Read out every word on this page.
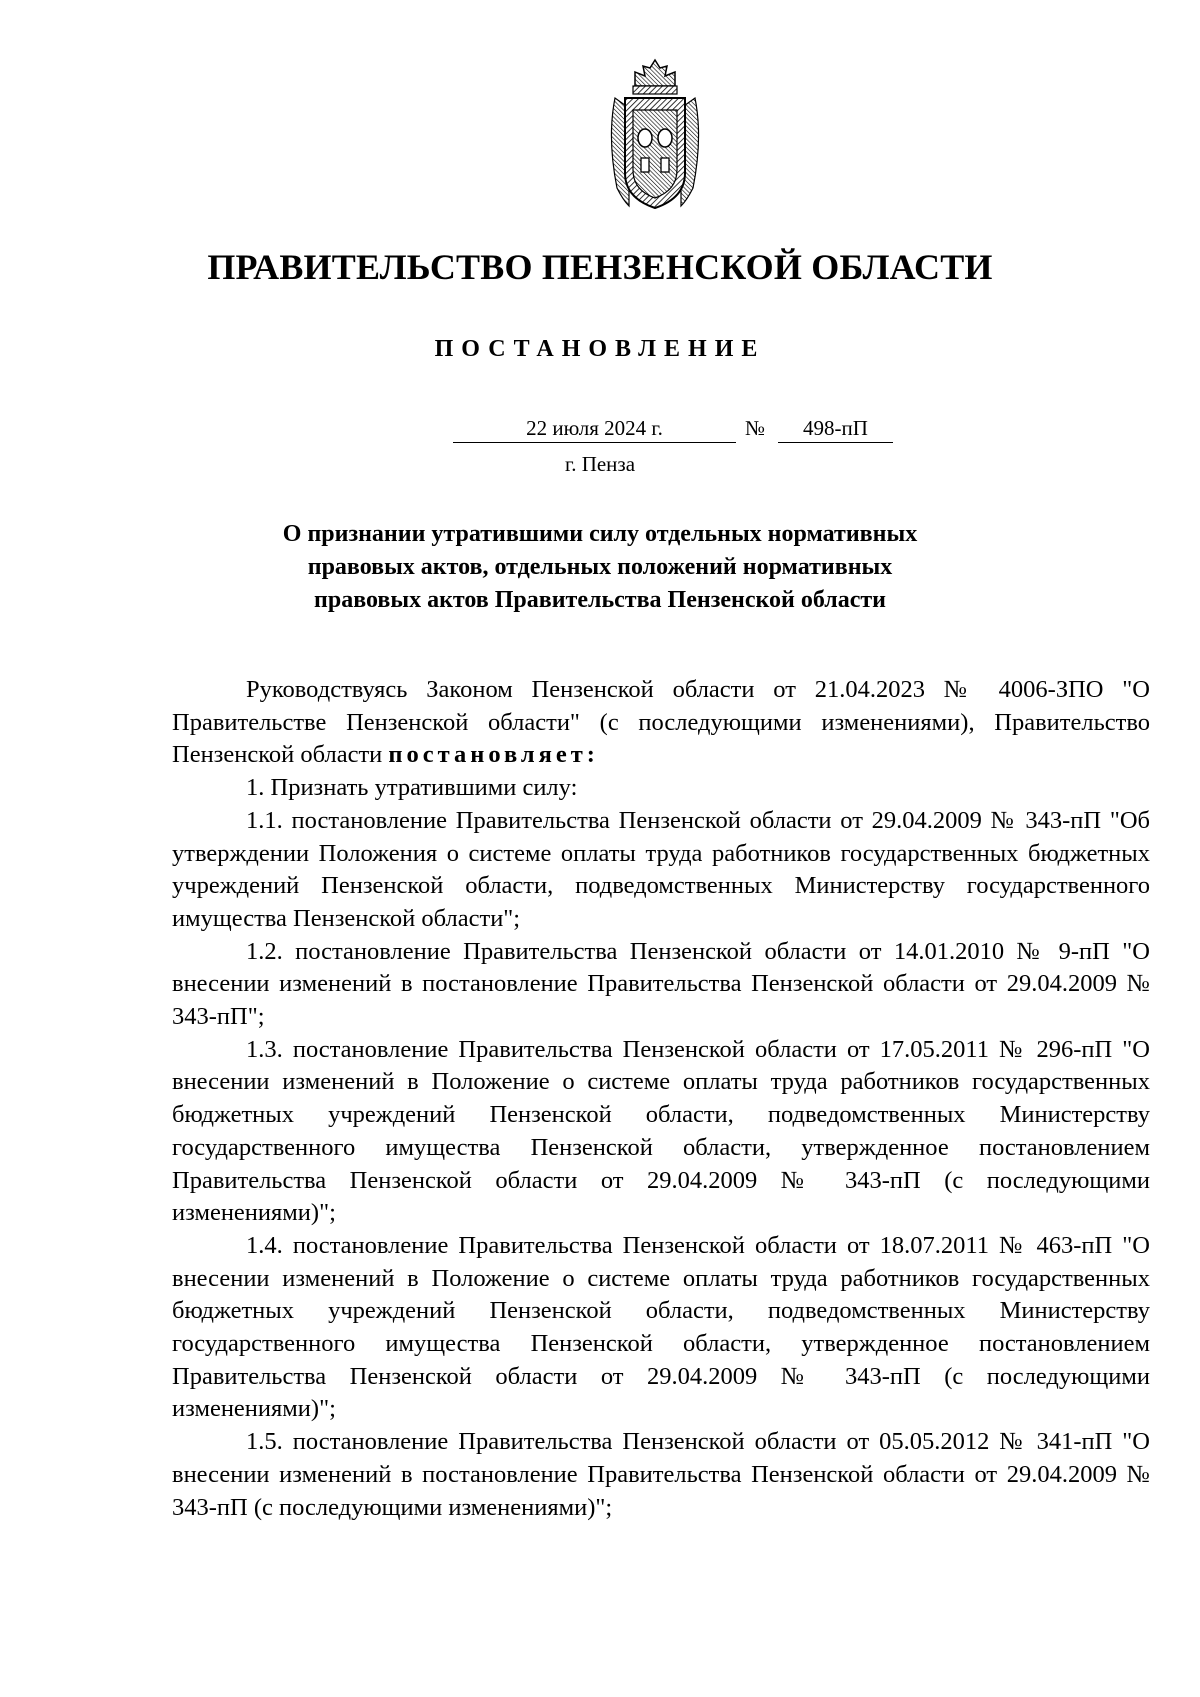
ПРАВИТЕЛЬСТВО ПЕНЗЕНСКОЙ ОБЛАСТИ
ПОСТАНОВЛЕНИЕ
22 июля 2024 г.	№	498-пП
г. Пенза
О признании утратившими силу отдельных нормативных
правовых актов, отдельных положений нормативных
правовых актов Правительства Пензенской области

Руководствуясь Законом Пензенской области от 21.04.2023 № 4006-ЗПО "О Правительстве Пензенской области" (с последующими изменениями), Правительство Пензенской области постановляет:

1. Признать утратившими силу:

1.1. постановление Правительства Пензенской области от 29.04.2009 № 343-пП "Об утверждении Положения о системе оплаты труда работников государственных бюджетных учреждений Пензенской области, подведомственных Министерству государственного имущества Пензенской области";

1.2. постановление Правительства Пензенской области от 14.01.2010 № 9-пП "О внесении изменений в постановление Правительства Пензенской области от 29.04.2009 № 343-пП";

1.3. постановление Правительства Пензенской области от 17.05.2011 № 296-пП "О внесении изменений в Положение о системе оплаты труда работников государственных бюджетных учреждений Пензенской области, подведомственных Министерству государственного имущества Пензенской области, утвержденное постановлением Правительства Пензенской области от 29.04.2009 № 343-пП (с последующими изменениями)";

1.4. постановление Правительства Пензенской области от 18.07.2011 № 463-пП "О внесении изменений в Положение о системе оплаты труда работников государственных бюджетных учреждений Пензенской области, подведомственных Министерству государственного имущества Пензенской области, утвержденное постановлением Правительства Пензенской области от 29.04.2009 № 343-пП (с последующими изменениями)";

1.5. постановление Правительства Пензенской области от 05.05.2012 № 341-пП "О внесении изменений в постановление Правительства Пензенской области от 29.04.2009 № 343-пП (с последующими изменениями)";
